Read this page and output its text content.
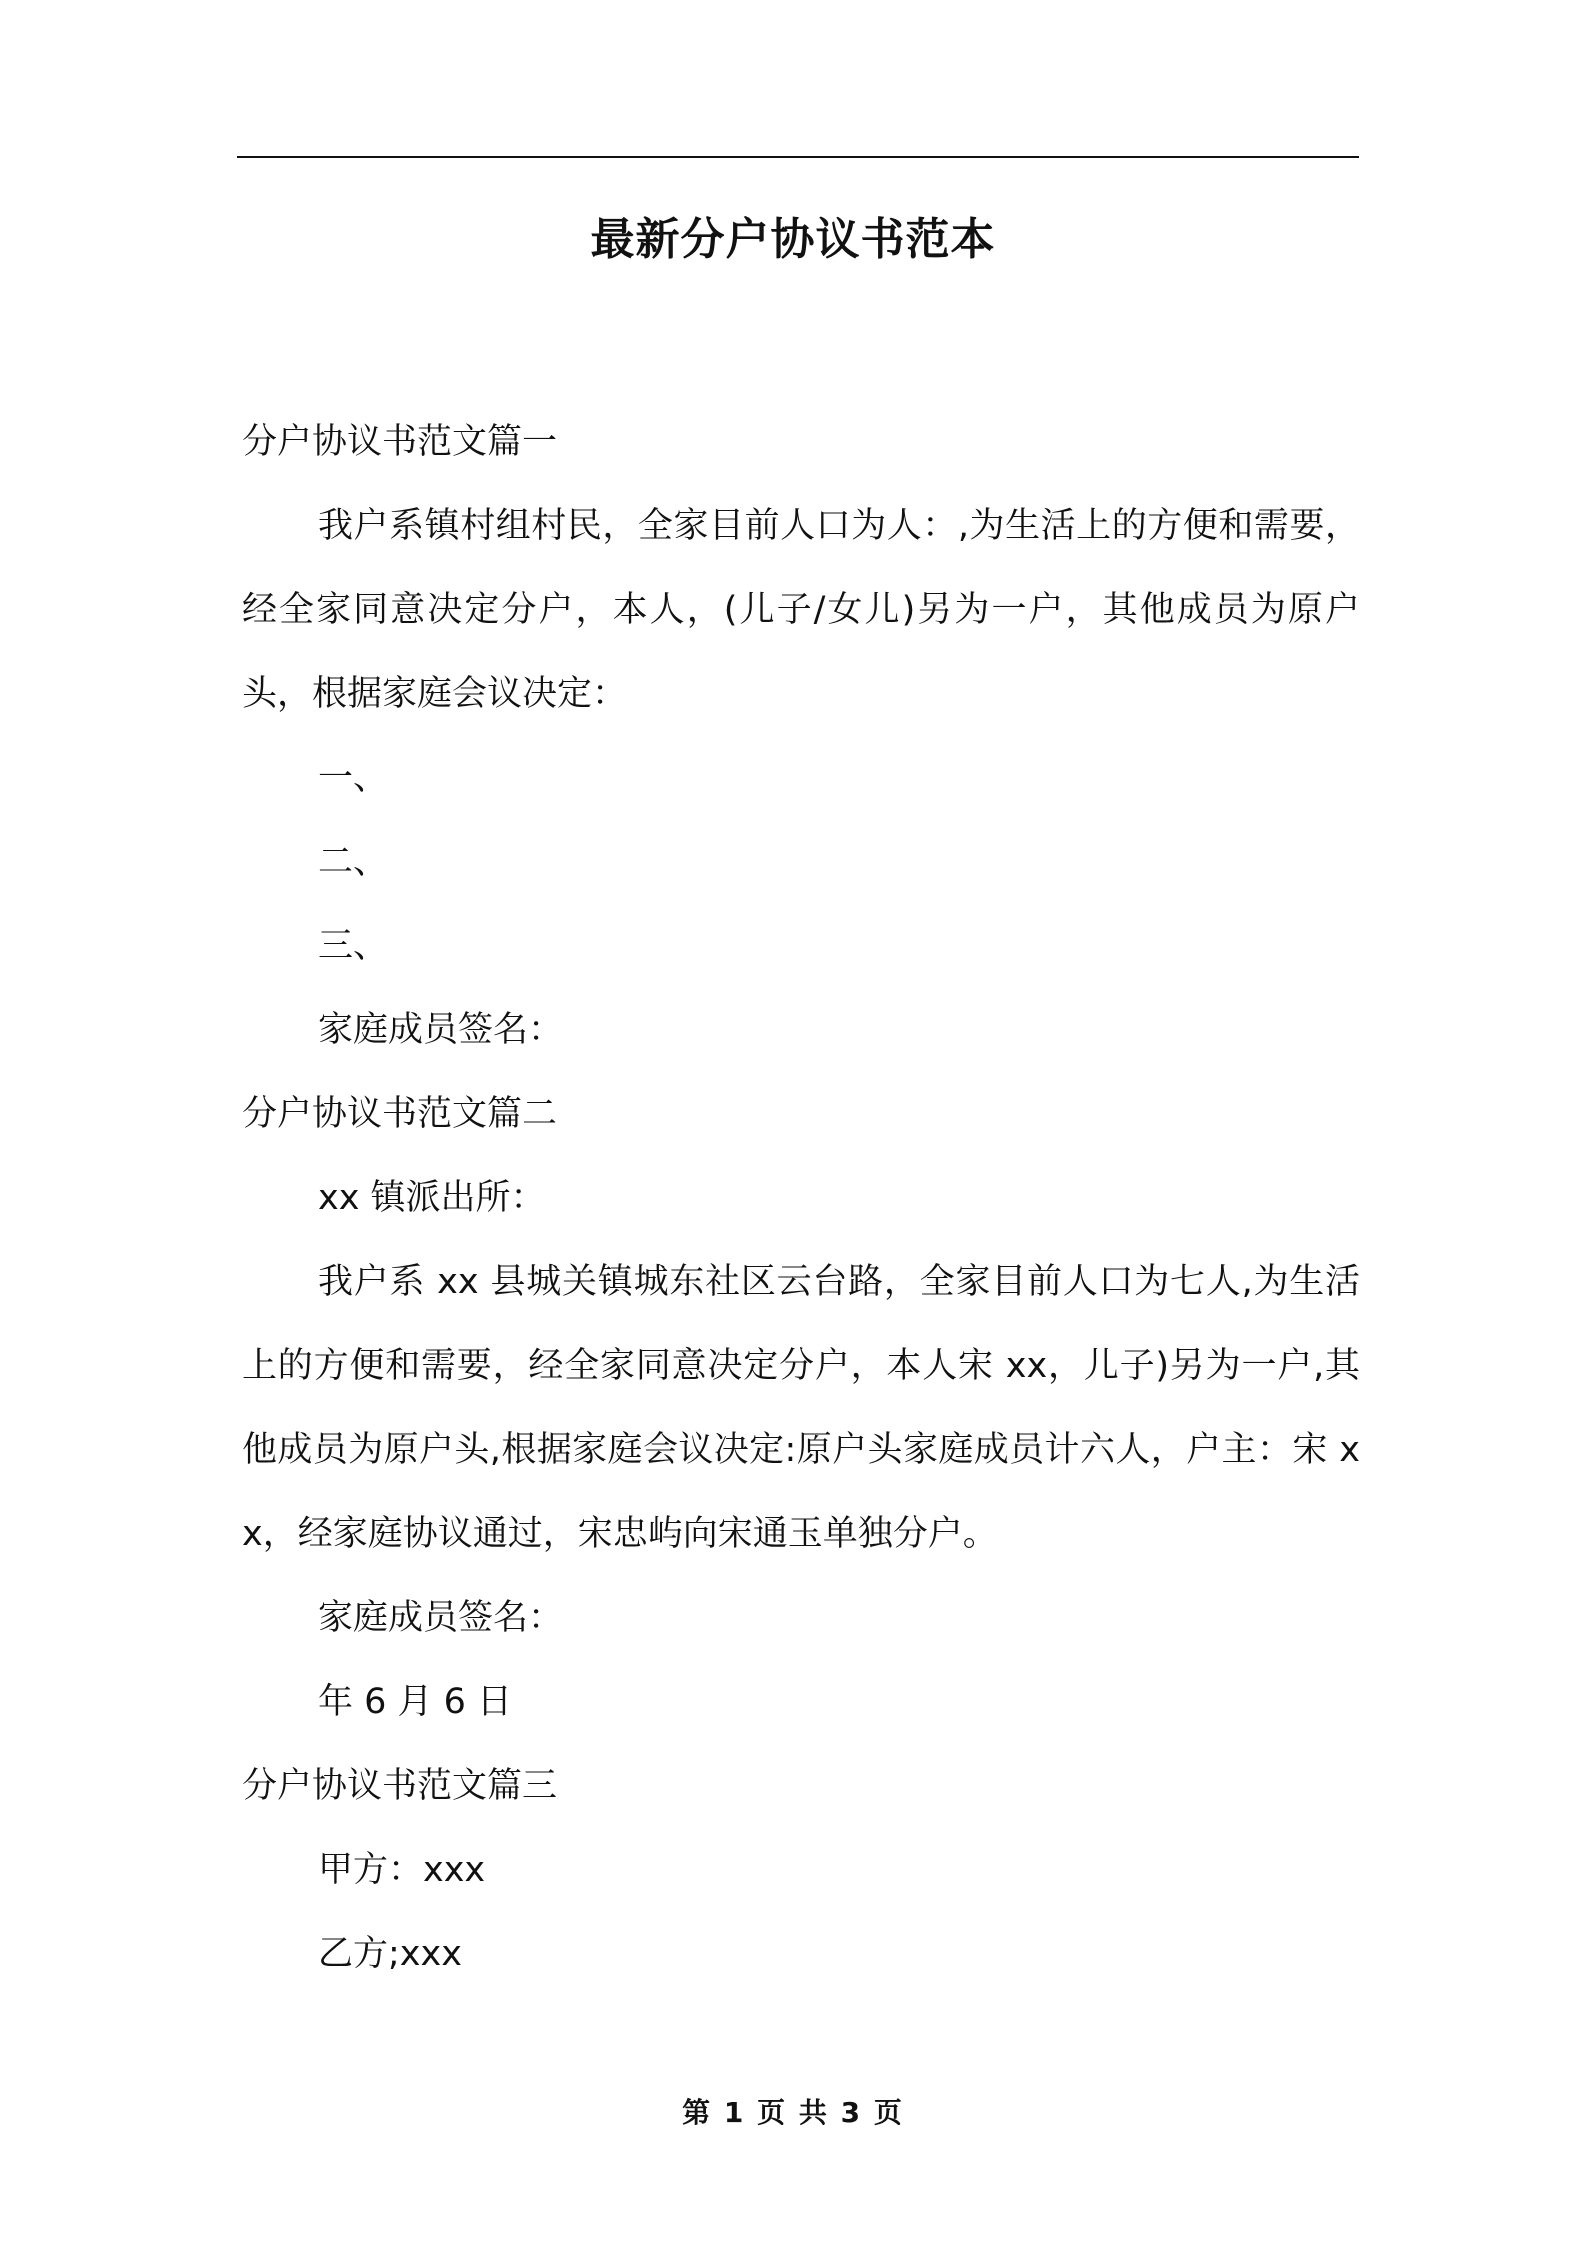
最新分户协议书范本
分户协议书范文篇一
我户系镇村组村民，全家目前人口为人：,为生活上的方便和需要，经全家同意决定分户，本人，(儿子/女儿)另为一户，其他成员为原户头，根据家庭会议决定：
一、
二、
三、
家庭成员签名：
分户协议书范文篇二
xx 镇派出所：
我户系 xx 县城关镇城东社区云台路，全家目前人口为七人,为生活上的方便和需要，经全家同意决定分户，本人宋 xx，儿子)另为一户,其他成员为原户头,根据家庭会议决定:原户头家庭成员计六人，户主：宋 xx，经家庭协议通过，宋忠屿向宋通玉单独分户。
家庭成员签名：
年 6 月 6 日
分户协议书范文篇三
甲方：xxx
乙方;xxx
第 1 页 共 3 页
